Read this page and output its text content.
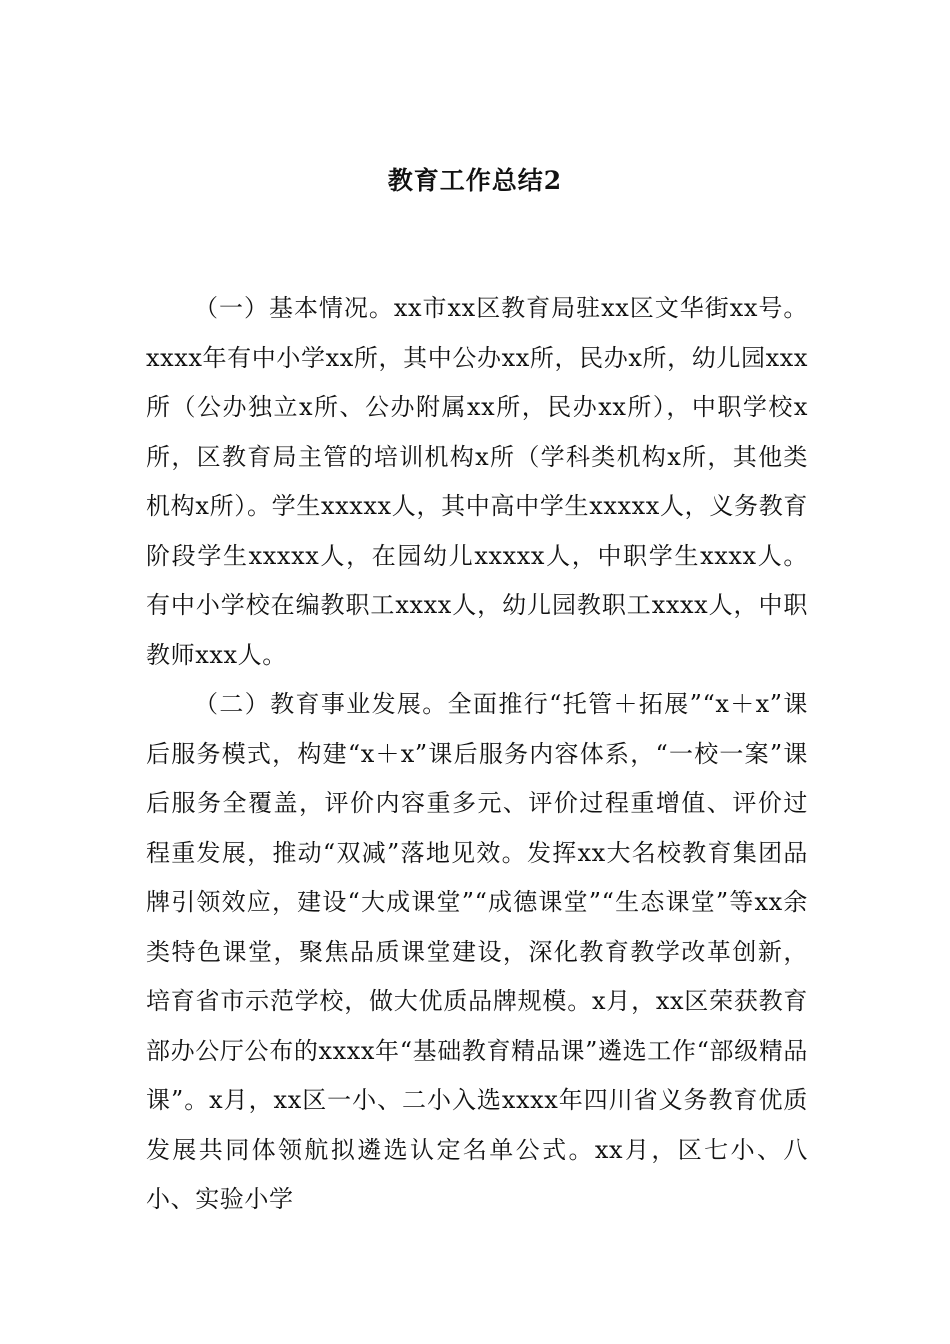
教育工作总结2

（一）基本情况。xx市xx区教育局驻xx区文华街xx号。xxxx年有中小学xx所，其中公办xx所，民办x所，幼儿园xxx所（公办独立x所、公办附属xx所，民办xx所），中职学校x所，区教育局主管的培训机构x所（学科类机构x所，其他类机构x所）。学生xxxxx人，其中高中学生xxxxx人，义务教育阶段学生xxxxx人，在园幼儿xxxxx人，中职学生xxxx人。有中小学校在编教职工xxxx人，幼儿园教职工xxxx人，中职教师xxx人。

（二）教育事业发展。全面推行“托管＋拓展”“x＋x”课后服务模式，构建“x＋x”课后服务内容体系，“一校一案”课后服务全覆盖，评价内容重多元、评价过程重增值、评价过程重发展，推动“双减”落地见效。发挥xx大名校教育集团品牌引领效应，建设“大成课堂”“成德课堂”“生态课堂”等xx余类特色课堂，聚焦品质课堂建设，深化教育教学改革创新，培育省市示范学校，做大优质品牌规模。x月，xx区荣获教育部办公厅公布的xxxx年“基础教育精品课”遴选工作“部级精品课”。x月，xx区一小、二小入选xxxx年四川省义务教育优质发展共同体领航拟遴选认定名单公式。xx月，区七小、八小、实验小学
